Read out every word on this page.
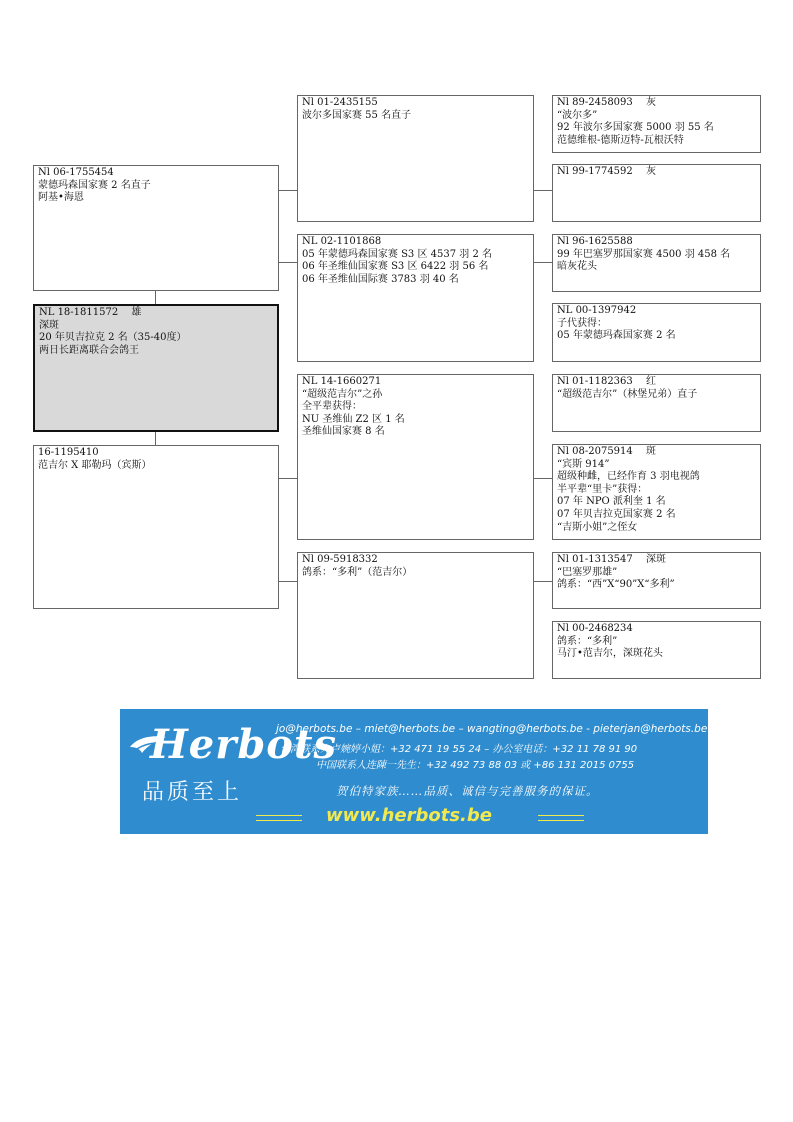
Nl 06-1755454
蒙德玛森国家赛 2 名直子
阿基•海恩
NL 18-1811572　 雄
深斑
20 年贝吉拉克 2 名（35-40度）
两日长距离联合会鸽王
16-1195410
范吉尔 X 耶勒玛（宾斯）
Nl 01-2435155
波尔多国家赛 55 名直子
NL 02-1101868
05 年蒙德玛森国家赛 S3 区 4537 羽 2 名
06 年圣维仙国家赛 S3 区 6422 羽 56 名
06 年圣维仙国际赛 3783 羽 40 名
NL 14-1660271
“超级范吉尔”之孙
全平辈获得：
NU 圣维仙 Z2 区 1 名
圣维仙国家赛 8 名
Nl 09-5918332
鸽系：“多利”（范吉尔）
Nl 89-2458093　 灰
“波尔多”
92 年波尔多国家赛 5000 羽 55 名
范德维根-德斯迈特-瓦根沃特
Nl 99-1774592　 灰
Nl 96-1625588
99 年巴塞罗那国家赛 4500 羽 458 名
暗灰花头
NL 00-1397942
子代获得：
05 年蒙德玛森国家赛 2 名
Nl 01-1182363　 红
“超级范吉尔”（林堡兄弟）直子
Nl 08-2075914　 斑
“宾斯 914”
超级种雌，已经作育 3 羽电视鸽
半平辈“里卡”获得：
07 年 NPO 派利奎 1 名
07 年贝吉拉克国家赛 2 名
“吉斯小姐”之侄女
Nl 01-1313547　 深斑
“巴塞罗那雄”
鸽系：“西”X“90”X“多利”
Nl 00-2468234
鸽系：“多利”
马汀•范吉尔，深斑花头
Herbots
品质至上
jo@herbots.be – miet@herbots.be – wangting@herbots.be - pieterjan@herbots.be
台湾联系人卢婉婷小姐：+32 471 19 55 24 – 办公室电话：+32 11 78 91 90
中国联系人连陳一先生：+32 492 73 88 03 或 +86 131 2015 0755
贺伯特家族……品质、诚信与完善服务的保证。
www.herbots.be
